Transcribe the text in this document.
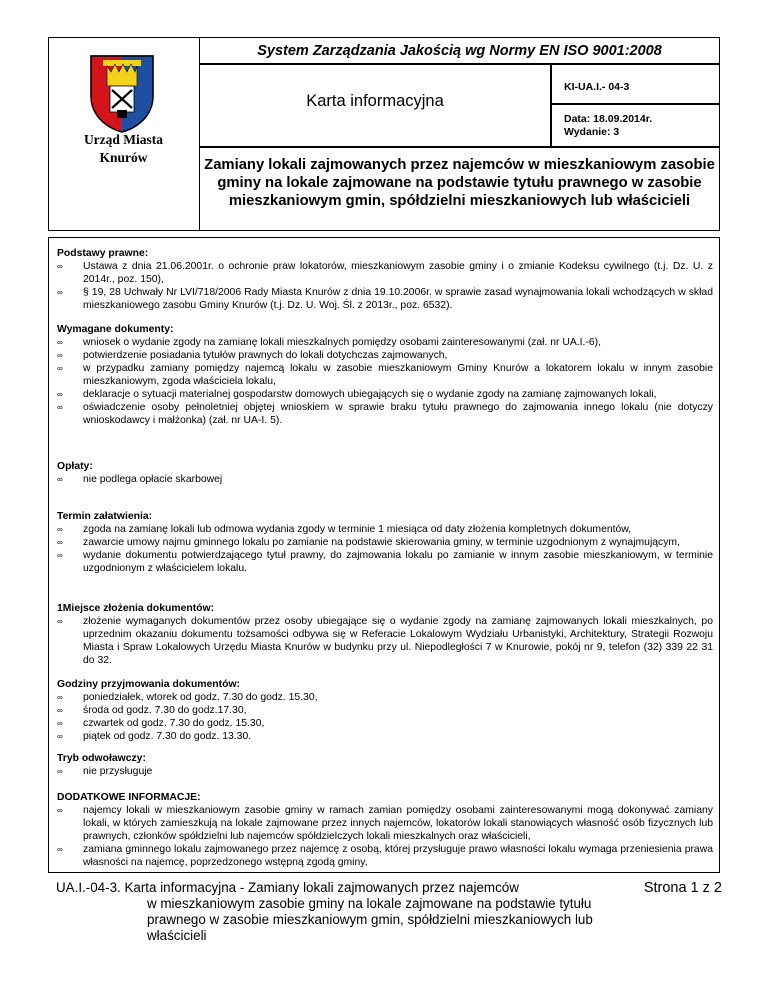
Urząd Miasta
Knurów
System Zarządzania Jakością wg Normy EN ISO 9001:2008
Karta informacyjna
KI-UA.I.- 04-3
Data: 18.09.2014r.
Wydanie: 3
Zamiany lokali zajmowanych przez najemców w mieszkaniowym zasobie gminy na lokale zajmowane na podstawie tytułu prawnego w zasobie mieszkaniowym gmin, spółdzielni mieszkaniowych lub właścicieli
Podstawy prawne:
∞	Ustawa z dnia 21.06.2001r. o ochronie praw lokatorów, mieszkaniowym zasobie gminy i o zmianie Kodeksu cywilnego (t.j. Dz. U. z 2014r., poz. 150),
∞	§ 19, 28 Uchwały Nr LVI/718/2006 Rady Miasta Knurów z dnia 19.10.2006r. w sprawie zasad wynajmowania lokali wchodzących w skład mieszkaniowego zasobu Gminy Knurów (t.j. Dz. U. Woj. Śl. z 2013r., poz. 6532).
Wymagane dokumenty:
∞	wniosek o wydanie zgody na zamianę lokali mieszkalnych pomiędzy osobami zainteresowanymi (zał. nr UA.I.-6),
∞	potwierdzenie posiadania tytułów prawnych do lokali dotychczas zajmowanych,
∞	w przypadku zamiany pomiędzy najemcą lokalu w zasobie mieszkaniowym Gminy Knurów a lokatorem lokalu w innym zasobie mieszkaniowym, zgoda właściciela lokalu,
∞	deklaracje o sytuacji materialnej gospodarstw domowych ubiegających się o wydanie zgody na zamianę zajmowanych lokali,
∞	oświadczenie osoby pełnoletniej objętej wnioskiem w sprawie braku tytułu prawnego do zajmowania innego lokalu (nie dotyczy wnioskodawcy i małżonka) (zał. nr UA-I. 5).
Opłaty:
∞	nie podlega opłacie skarbowej
Termin załatwienia:
∞	zgoda na zamianę lokali lub odmowa wydania zgody w terminie 1 miesiąca od daty złożenia kompletnych dokumentów,
∞	zawarcie umowy najmu gminnego lokalu po zamianie na podstawie skierowania gminy, w terminie uzgodnionym z wynajmującym,
∞	wydanie dokumentu potwierdzającego tytuł prawny, do zajmowania lokalu po zamianie w innym zasobie mieszkaniowym, w terminie uzgodnionym z właścicielem lokalu.
1Miejsce złożenia dokumentów:
∞	złożenie wymaganych dokumentów przez osoby ubiegające się o wydanie zgody na zamianę zajmowanych lokali mieszkalnych, po uprzednim okazaniu dokumentu tożsamości odbywa się w Referacie Lokalowym Wydziału Urbanistyki, Architektury, Strategii Rozwoju Miasta i Spraw Lokalowych Urzędu Miasta Knurów w budynku przy ul. Niepodległości 7 w Knurowie, pokój nr 9, telefon (32) 339 22 31 do 32.
Godziny przyjmowania dokumentów:
∞	poniedziałek, wtorek od godz. 7.30 do godz. 15.30,
∞	środa od godz. 7.30 do godz.17.30,
∞	czwartek od godz. 7.30 do godz. 15.30,
∞	piątek od godz. 7.30 do godz. 13.30.
Tryb odwoławczy:
∞	nie przysługuje
DODATKOWE INFORMACJE:
∞	najemcy lokali w mieszkaniowym zasobie gminy w ramach zamian pomiędzy osobami zainteresowanymi mogą dokonywać zamiany lokali, w których zamieszkują na lokale zajmowane przez innych najemców, lokatorów lokali stanowiących własność osób fizycznych lub prawnych, członków spółdzielni lub najemców spółdzielczych lokali mieszkalnych oraz właścicieli,
∞	zamiana gminnego lokalu zajmowanego przez najemcę z osobą, której przysługuje prawo własności lokalu wymaga przeniesienia prawa własności na najemcę, poprzedzonego wstępną zgodą gminy,
UA.I.-04-3. Karta informacyjna - Zamiany lokali zajmowanych przez najemców
w mieszkaniowym zasobie gminy na lokale zajmowane na podstawie tytułu
prawnego w zasobie mieszkaniowym gmin, spółdzielni mieszkaniowych lub
właścicieli
Strona 1 z 2
